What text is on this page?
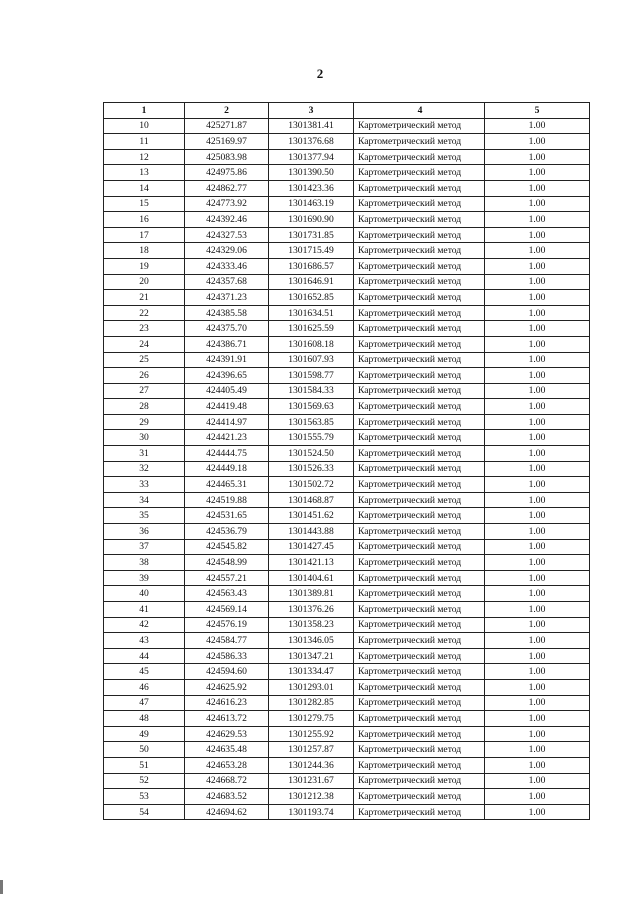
2
1	2	3	4	5
10	425271.87	1301381.41	Картометрический метод	1.00
11	425169.97	1301376.68	Картометрический метод	1.00
12	425083.98	1301377.94	Картометрический метод	1.00
13	424975.86	1301390.50	Картометрический метод	1.00
14	424862.77	1301423.36	Картометрический метод	1.00
15	424773.92	1301463.19	Картометрический метод	1.00
16	424392.46	1301690.90	Картометрический метод	1.00
17	424327.53	1301731.85	Картометрический метод	1.00
18	424329.06	1301715.49	Картометрический метод	1.00
19	424333.46	1301686.57	Картометрический метод	1.00
20	424357.68	1301646.91	Картометрический метод	1.00
21	424371.23	1301652.85	Картометрический метод	1.00
22	424385.58	1301634.51	Картометрический метод	1.00
23	424375.70	1301625.59	Картометрический метод	1.00
24	424386.71	1301608.18	Картометрический метод	1.00
25	424391.91	1301607.93	Картометрический метод	1.00
26	424396.65	1301598.77	Картометрический метод	1.00
27	424405.49	1301584.33	Картометрический метод	1.00
28	424419.48	1301569.63	Картометрический метод	1.00
29	424414.97	1301563.85	Картометрический метод	1.00
30	424421.23	1301555.79	Картометрический метод	1.00
31	424444.75	1301524.50	Картометрический метод	1.00
32	424449.18	1301526.33	Картометрический метод	1.00
33	424465.31	1301502.72	Картометрический метод	1.00
34	424519.88	1301468.87	Картометрический метод	1.00
35	424531.65	1301451.62	Картометрический метод	1.00
36	424536.79	1301443.88	Картометрический метод	1.00
37	424545.82	1301427.45	Картометрический метод	1.00
38	424548.99	1301421.13	Картометрический метод	1.00
39	424557.21	1301404.61	Картометрический метод	1.00
40	424563.43	1301389.81	Картометрический метод	1.00
41	424569.14	1301376.26	Картометрический метод	1.00
42	424576.19	1301358.23	Картометрический метод	1.00
43	424584.77	1301346.05	Картометрический метод	1.00
44	424586.33	1301347.21	Картометрический метод	1.00
45	424594.60	1301334.47	Картометрический метод	1.00
46	424625.92	1301293.01	Картометрический метод	1.00
47	424616.23	1301282.85	Картометрический метод	1.00
48	424613.72	1301279.75	Картометрический метод	1.00
49	424629.53	1301255.92	Картометрический метод	1.00
50	424635.48	1301257.87	Картометрический метод	1.00
51	424653.28	1301244.36	Картометрический метод	1.00
52	424668.72	1301231.67	Картометрический метод	1.00
53	424683.52	1301212.38	Картометрический метод	1.00
54	424694.62	1301193.74	Картометрический метод	1.00
